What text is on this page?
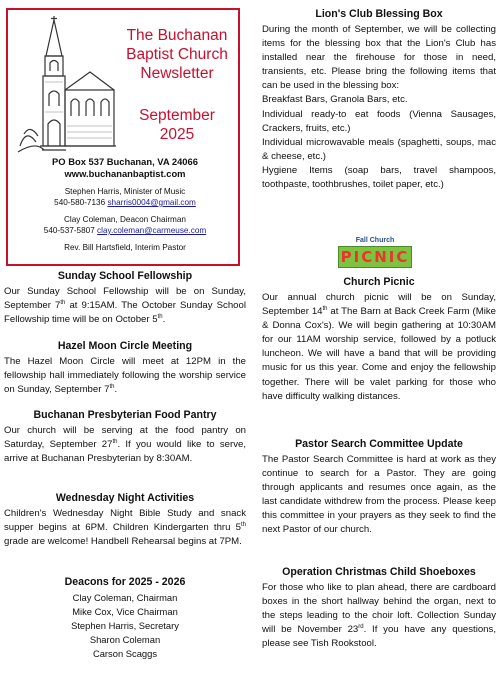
The Buchanan
Baptist Church
Newsletter
September
2025
PO Box 537 Buchanan, VA 24066
www.buchananbaptist.com
Stephen Harris, Minister of Music
540-580-7136 sharris0004@gmail.com
Clay Coleman, Deacon Chairman
540-537-5807 clay.coleman@carmeuse.com
Rev. Bill Hartsfield, Interim Pastor
Sunday School Fellowship

Our Sunday School Fellowship will be on Sunday, September 7th at 9:15AM. The October Sunday School Fellowship time will be on October 5th.

Hazel Moon Circle Meeting

The Hazel Moon Circle will meet at 12PM in the fellowship hall immediately following the worship service on Sunday, September 7th.

Buchanan Presbyterian Food Pantry

Our church will be serving at the food pantry on Saturday, September 27th. If you would like to serve, arrive at Buchanan Presbyterian by 8:30AM.

Wednesday Night Activities

Children's Wednesday Night Bible Study and snack supper begins at 6PM. Children Kindergarten thru 5th grade are welcome! Handbell Rehearsal begins at 7PM.

Deacons for 2025 - 2026
Clay Coleman, Chairman
Mike Cox, Vice Chairman
Stephen Harris, Secretary
Sharon Coleman
Carson Scaggs
Lion's Club Blessing Box

During the month of September, we will be collecting items for the blessing box that the Lion's Club has installed near the firehouse for those in need, transients, etc. Please bring the following items that can be used in the blessing box:

Breakfast Bars, Granola Bars, etc.

Individual ready-to eat foods (Vienna Sausages, Crackers, fruits, etc.)

Individual microwavable meals (spaghetti, soups, mac & cheese, etc.)

Hygiene Items (soap bars, travel shampoos, toothpaste, toothbrushes, toilet paper, etc.)

Fall Church
PICNIC
Church Picnic

Our annual church picnic will be on Sunday, September 14th at The Barn at Back Creek Farm (Mike & Donna Cox's). We will begin gathering at 10:30AM for our 11AM worship service, followed by a potluck luncheon. We will have a band that will be providing music for us this year. Come and enjoy the fellowship together. There will be valet parking for those who have difficulty walking distances.

Pastor Search Committee Update

The Pastor Search Committee is hard at work as they continue to search for a Pastor. They are going through applicants and resumes once again, as the last candidate withdrew from the process. Please keep this committee in your prayers as they seek to find the next Pastor of our church.

Operation Christmas Child Shoeboxes

For those who like to plan ahead, there are cardboard boxes in the short hallway behind the organ, next to the steps leading to the choir loft. Collection Sunday will be November 23rd. If you have any questions, please see Tish Rookstool.
